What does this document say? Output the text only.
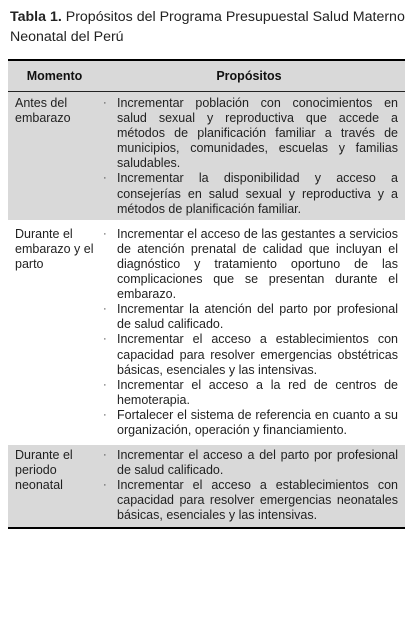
Tabla 1. Propósitos del Programa Presupuestal Salud Materno Neonatal del Perú
Momento	Propósitos
Antes del embarazo
· Incrementar población con conocimientos en salud sexual y reproductiva que accede a métodos de planificación familiar a través de municipios, comunidades, escuelas y familias saludables.
· Incrementar la disponibilidad y acceso a consejerías en salud sexual y reproductiva y a métodos de planificación familiar.
Durante el embarazo y el parto
· Incrementar el acceso de las gestantes a servicios de atención prenatal de calidad que incluyan el diagnóstico y tratamiento oportuno de las complicaciones que se presentan durante el embarazo.
· Incrementar la atención del parto por profesional de salud calificado.
· Incrementar el acceso a establecimientos con capacidad para resolver emergencias obstétricas básicas, esenciales y las intensivas.
· Incrementar el acceso a la red de centros de hemoterapia.
· Fortalecer el sistema de referencia en cuanto a su organización, operación y financiamiento.
Durante el periodo neonatal
· Incrementar el acceso a del parto por profesional de salud calificado.
· Incrementar el acceso a establecimientos con capacidad para resolver emergencias neonatales básicas, esenciales y las intensivas.
